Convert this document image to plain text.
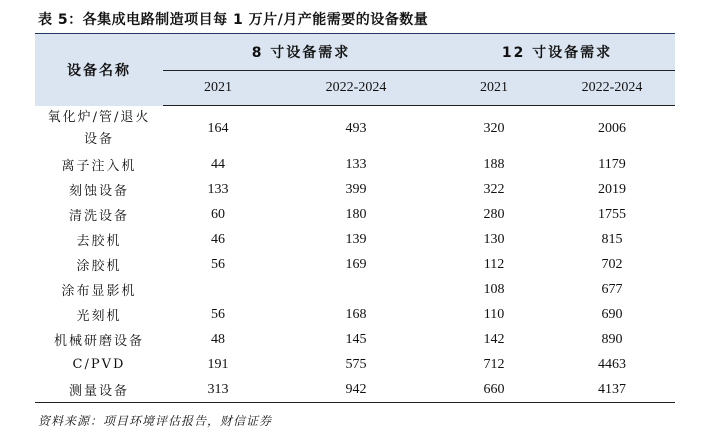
表 5：各集成电路制造项目每 1 万片/月产能需要的设备数量
设备名称	8 寸设备需求		12 寸设备需求	
	2021	2022-2024	2021	2022-2024
氧化炉/管/退火
设备	164	493	320	2006
离子注入机	44	133	188	1179
刻蚀设备	133	399	322	2019
清洗设备	60	180	280	1755
去胶机	46	139	130	815
涂胶机	56	169	112	702
涂布显影机			108	677
光刻机	56	168	110	690
机械研磨设备	48	145	142	890
C/PVD	191	575	712	4463
测量设备	313	942	660	4137
资料来源：项目环境评估报告，财信证券
